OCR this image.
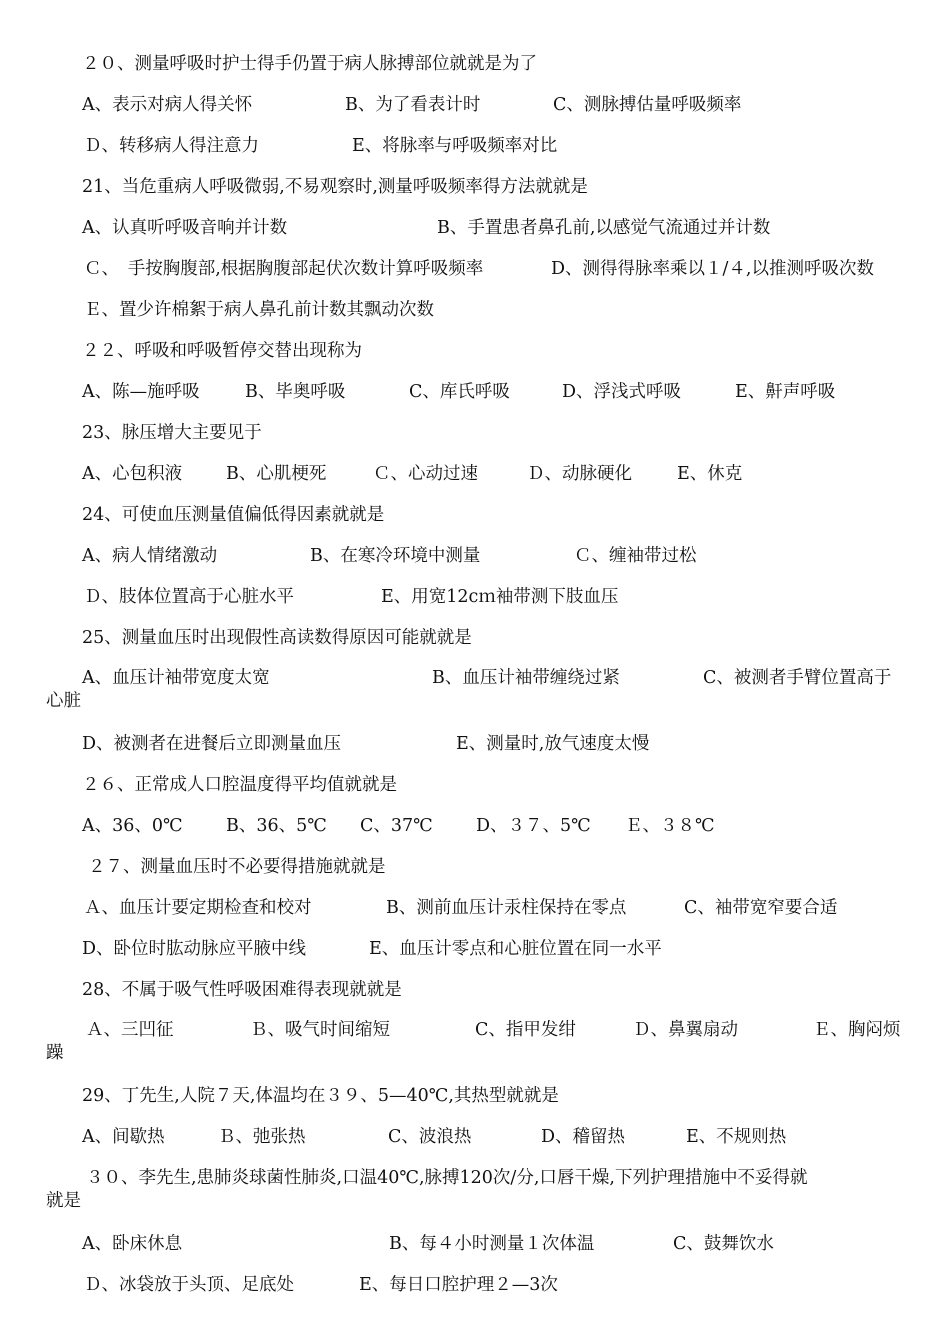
２０、测量呼吸时护士得手仍置于病人脉搏部位就就是为了
A、表示对病人得关怀	B、为了看表计时	C、测脉搏估量呼吸频率
Ｄ、转移病人得注意力	E、将脉率与呼吸频率对比
21、当危重病人呼吸微弱,不易观察时,测量呼吸频率得方法就就是
A、认真听呼吸音响并计数	B、手置患者鼻孔前,以感觉气流通过并计数
Ｃ、　手按胸腹部,根据胸腹部起伏次数计算呼吸频率	D、测得得脉率乘以１/４,以推测呼吸次数
Ｅ、置少许棉絮于病人鼻孔前计数其飘动次数
２２、呼吸和呼吸暂停交替出现称为
A、陈—施呼吸	B、毕奥呼吸	C、库氏呼吸	D、浮浅式呼吸	E、鼾声呼吸
23、脉压增大主要见于
A、心包积液	B、心肌梗死	Ｃ、心动过速	Ｄ、动脉硬化	E、休克
24、可使血压测量值偏低得因素就就是
A、病人情绪激动	B、在寒冷环境中测量	Ｃ、缠袖带过松
Ｄ、肢体位置高于心脏水平	E、用宽12cｍ袖带测下肢血压
25、测量血压时出现假性高读数得原因可能就就是
A、血压计袖带宽度太宽	B、血压计袖带缠绕过紧	C、被测者手臂位置高于
心脏
D、被测者在进餐后立即测量血压	E、测量时,放气速度太慢
２６、正常成人口腔温度得平均值就就是
A、36、0℃ B、36、5℃ C、37℃ D、３７、5℃ Ｅ、３８℃
２７、测量血压时不必要得措施就就是
Ａ、血压计要定期检查和校对	B、测前血压计汞柱保持在零点	C、袖带宽窄要合适
D、卧位时肱动脉应平腋中线	E、血压计零点和心脏位置在同一水平
28、不属于吸气性呼吸困难得表现就就是
Ａ、三凹征	Ｂ、吸气时间缩短	C、指甲发绀	Ｄ、鼻翼扇动	Ｅ、胸闷烦
躁
29、丁先生,人院７天,体温均在３９、5—40℃,其热型就就是
A、间歇热	Ｂ、弛张热	C、波浪热	D、稽留热	E、不规则热
３０、李先生,患肺炎球菌性肺炎,口温40℃,脉搏120次/分,口唇干燥,下列护理措施中不妥得就
就是
A、卧床休息	B、每４小时测量１次体温	C、鼓舞饮水
Ｄ、冰袋放于头顶、足底处	E、每日口腔护理２—3次
